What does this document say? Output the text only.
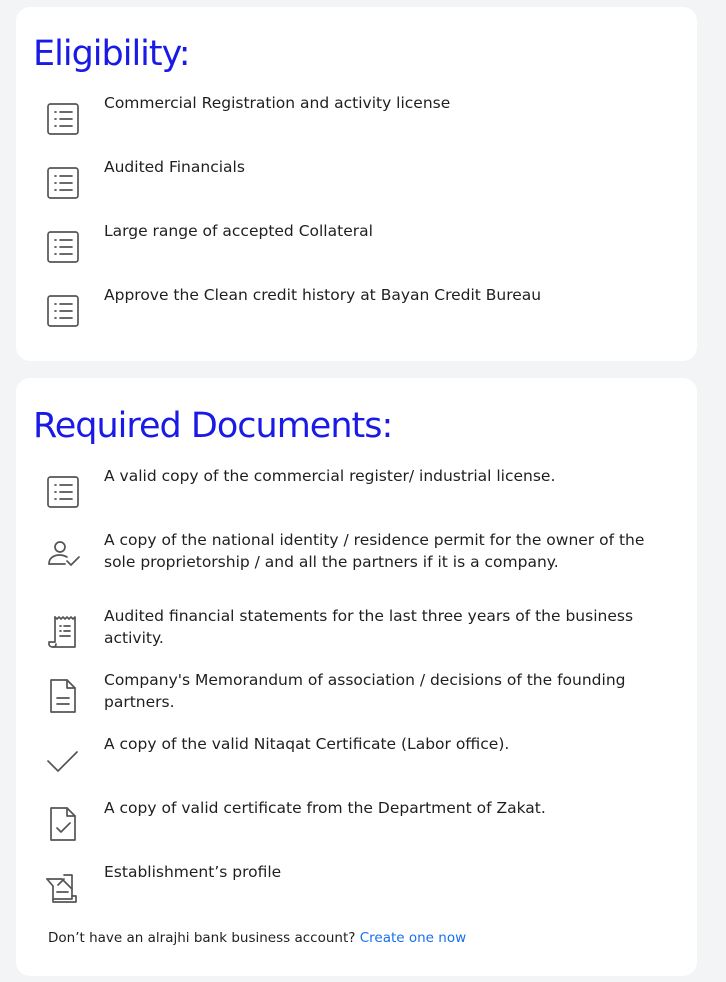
Eligibility:
Commercial Registration and activity license
Audited Financials
Large range of accepted Collateral
Approve the Clean credit history at Bayan Credit Bureau
Required Documents:
A valid copy of the commercial register/ industrial license.
A copy of the national identity / residence permit for the owner of the sole proprietorship / and all the partners if it is a company.
Audited financial statements for the last three years of the business activity.
Company's Memorandum of association / decisions of the founding partners.
A copy of the valid Nitaqat Certificate (Labor office).
A copy of valid certificate from the Department of Zakat.
Establishment’s profile
Don’t have an alrajhi bank business account? Create one now
